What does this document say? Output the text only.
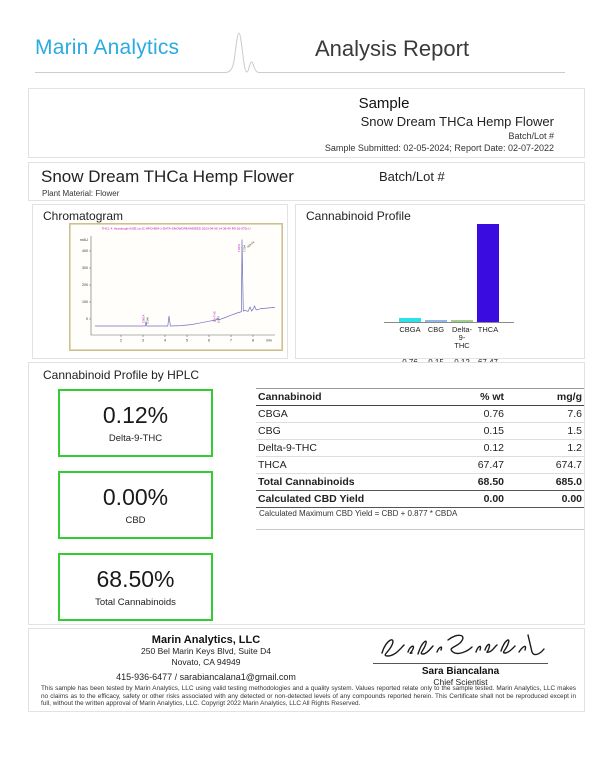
Marin Analytics	Analysis Report
Sample
Snow Dream THCa Hemp Flower
Batch/Lot #
Sample Submitted: 02-05-2024; Report Date: 02-07-2022
Snow Dream THCa Hemp Flower
Plant Material: Flower
Batch/Lot #
Chromatogram
THC1 4: thcadough-032E ca (C:HPCHEM-1-DATA-SNOWDREAMSEED 2023-04-05 14-36-49 R0-16-070) U
mAU
400
300
200
100
0
2	3	4	5	6	7	8	min
CBGA 3.146	D9-THC 6.347
THCA 7.504 469.04
Cannabinoid Profile
CBGA CBG	Delta-9-THC
THCA
Cannabinoid Profile by HPLC
0.12%
Delta-9-THC
0.00%
CBD
68.50%
Total Cannabinoids
Cannabinoid	% wt	mg/g
CBGA	0.76	7.6
CBG	0.15	1.5
Delta-9-THC	0.12	1.2
THCA	67.47	674.7
Total Cannabinoids	68.50	685.0
Calculated CBD Yield	0.00	0.00
Calculated Maximum CBD Yield = CBD + 0.877 * CBDA
Marin Analytics, LLC
250 Bel Marin Keys Blvd, Suite D4
Novato, CA 94949
415-936-6477 / sarabiancalana1@gmail.com	Sara Biancalana
Chief Scientist
This sample has been tested by Marin Analytics, LLC using valid testing methodologies and a quality system. Values reported relate only to the sample tested. Marin Analytics, LLC makes no claims as to the efficacy, safety or other risks associated with any detected or non-detected levels of any compounds reported herein. This Certificate shall not be reproduced except in full, without the written approval of Marin Analytics, LLC. Copyrigt 2022 Marin Analytics, LLC All Rights Reserved.
